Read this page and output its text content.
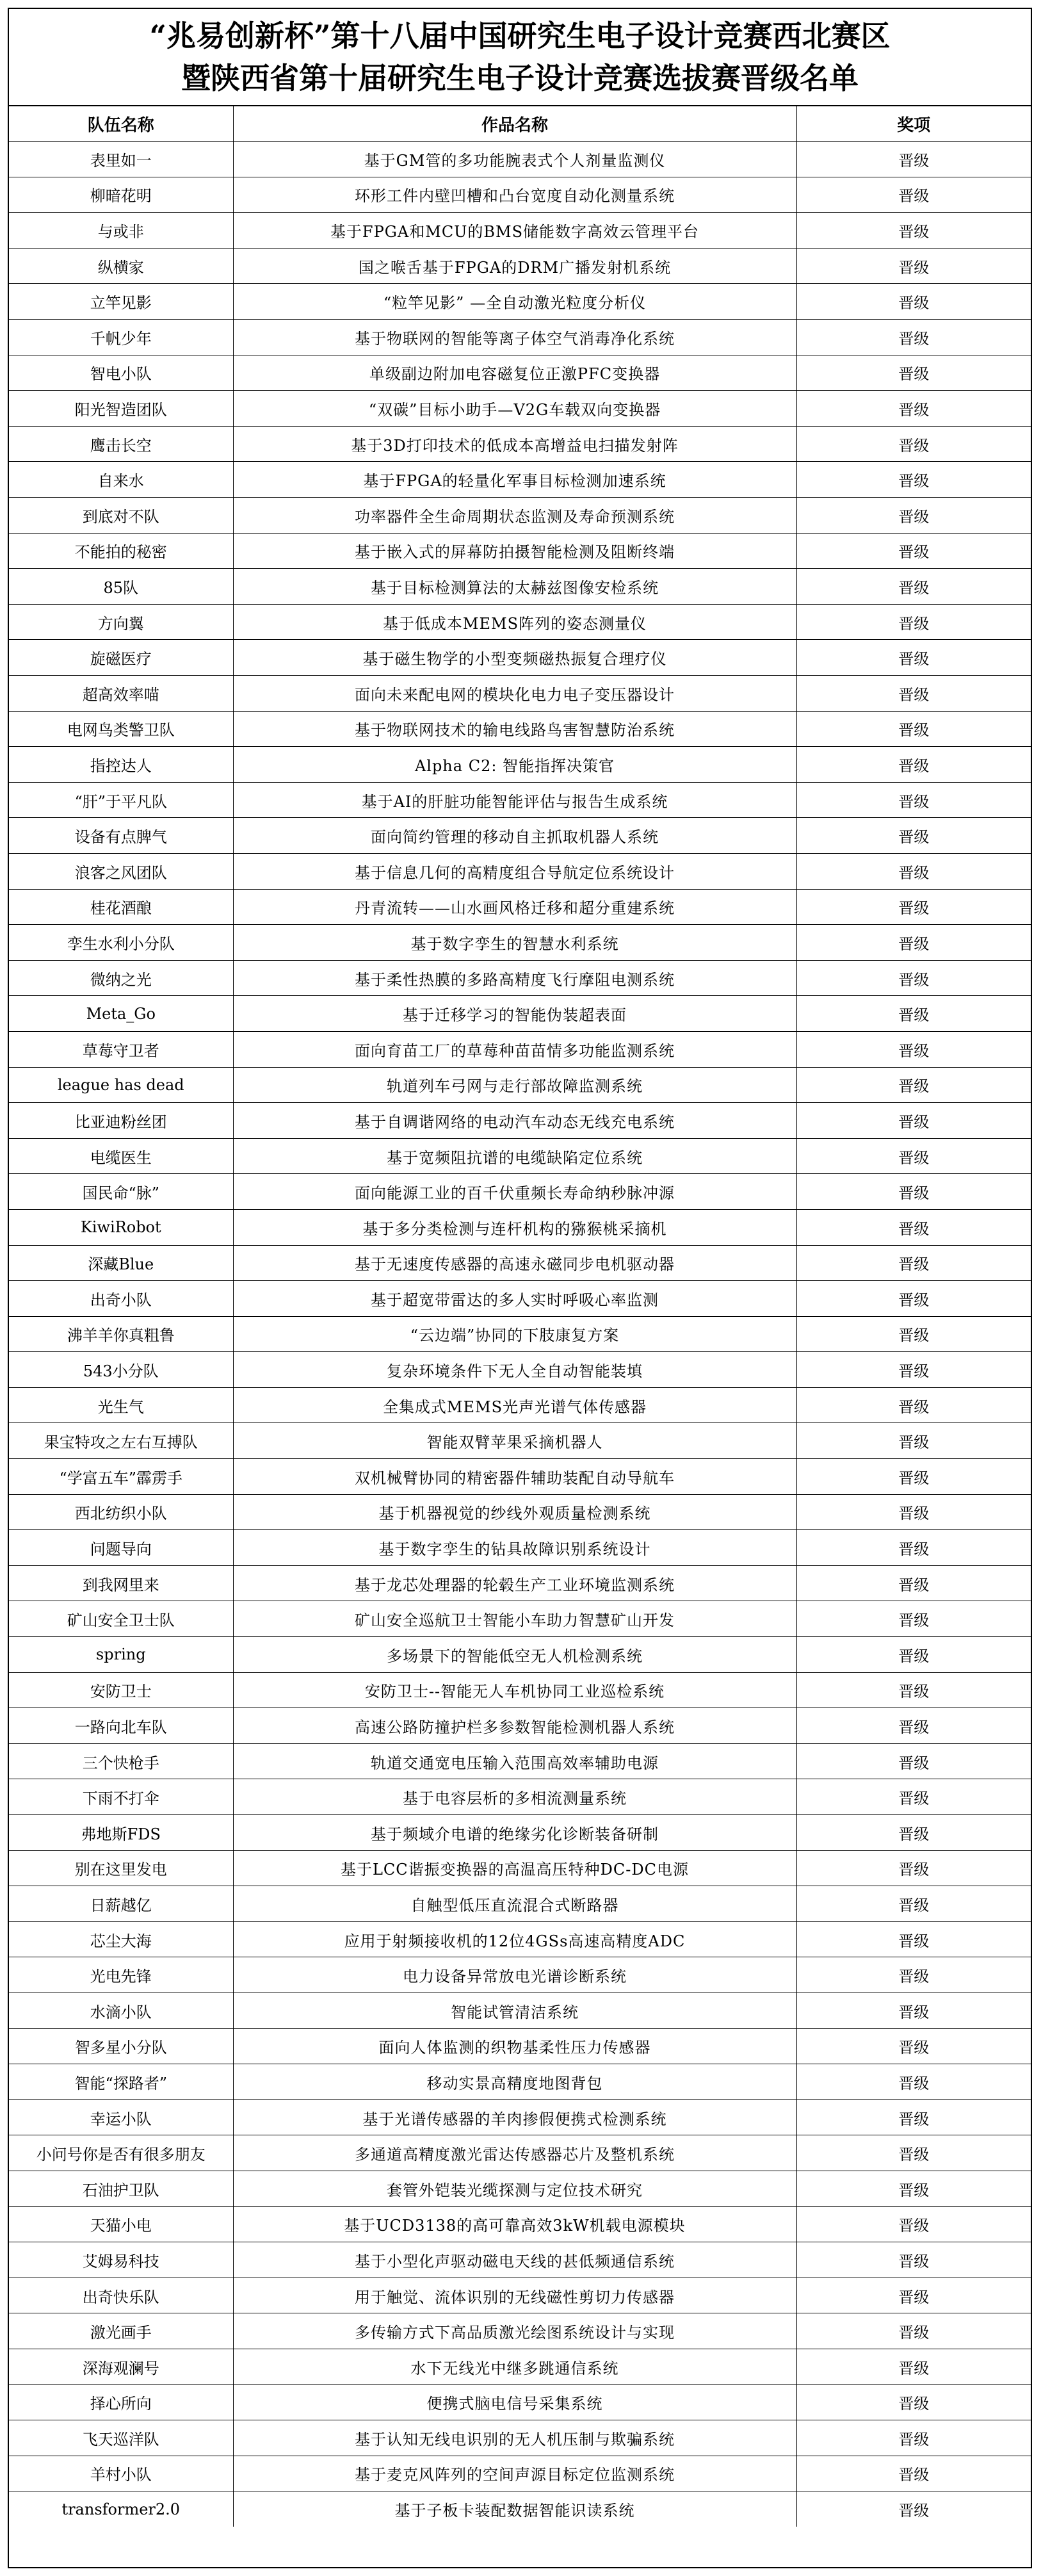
“兆易创新杯”第十八届中国研究生电子设计竞赛西北赛区
暨陕西省第十届研究生电子设计竞赛选拔赛晋级名单
队伍名称	作品名称	奖项
表里如一	基于GM管的多功能腕表式个人剂量监测仪	晋级
柳暗花明	环形工件内壁凹槽和凸台宽度自动化测量系统	晋级
与或非	基于FPGA和MCU的BMS储能数字高效云管理平台	晋级
纵横家	国之喉舌基于FPGA的DRM广播发射机系统	晋级
立竿见影	“粒竿见影” —全自动激光粒度分析仪	晋级
千帆少年	基于物联网的智能等离子体空气消毒净化系统	晋级
智电小队	单级副边附加电容磁复位正激PFC变换器	晋级
阳光智造团队	“双碳”目标小助手—V2G车载双向变换器	晋级
鹰击长空	基于3D打印技术的低成本高增益电扫描发射阵	晋级
自来水	基于FPGA的轻量化军事目标检测加速系统	晋级
到底对不队	功率器件全生命周期状态监测及寿命预测系统	晋级
不能拍的秘密	基于嵌入式的屏幕防拍摄智能检测及阻断终端	晋级
85队	基于目标检测算法的太赫兹图像安检系统	晋级
方向翼	基于低成本MEMS阵列的姿态测量仪	晋级
旋磁医疗	基于磁生物学的小型变频磁热振复合理疗仪	晋级
超高效率喵	面向未来配电网的模块化电力电子变压器设计	晋级
电网鸟类警卫队	基于物联网技术的输电线路鸟害智慧防治系统	晋级
指控达人	Alpha C2: 智能指挥决策官	晋级
“肝”于平凡队	基于AI的肝脏功能智能评估与报告生成系统	晋级
设备有点脾气	面向简约管理的移动自主抓取机器人系统	晋级
浪客之风团队	基于信息几何的高精度组合导航定位系统设计	晋级
桂花酒酿	丹青流转——山水画风格迁移和超分重建系统	晋级
孪生水利小分队	基于数字孪生的智慧水利系统	晋级
微纳之光	基于柔性热膜的多路高精度飞行摩阻电测系统	晋级
Meta_Go	基于迁移学习的智能伪装超表面	晋级
草莓守卫者	面向育苗工厂的草莓种苗苗情多功能监测系统	晋级
league has dead	轨道列车弓网与走行部故障监测系统	晋级
比亚迪粉丝团	基于自调谐网络的电动汽车动态无线充电系统	晋级
电缆医生	基于宽频阻抗谱的电缆缺陷定位系统	晋级
国民命“脉”	面向能源工业的百千伏重频长寿命纳秒脉冲源	晋级
KiwiRobot	基于多分类检测与连杆机构的猕猴桃采摘机	晋级
深藏Blue	基于无速度传感器的高速永磁同步电机驱动器	晋级
出奇小队	基于超宽带雷达的多人实时呼吸心率监测	晋级
沸羊羊你真粗鲁	“云边端”协同的下肢康复方案	晋级
543小分队	复杂环境条件下无人全自动智能装填	晋级
光生气	全集成式MEMS光声光谱气体传感器	晋级
果宝特攻之左右互搏队	智能双臂苹果采摘机器人	晋级
“学富五车”霹雳手	双机械臂协同的精密器件辅助装配自动导航车	晋级
西北纺织小队	基于机器视觉的纱线外观质量检测系统	晋级
问题导向	基于数字孪生的钻具故障识别系统设计	晋级
到我网里来	基于龙芯处理器的轮毂生产工业环境监测系统	晋级
矿山安全卫士队	矿山安全巡航卫士智能小车助力智慧矿山开发	晋级
spring	多场景下的智能低空无人机检测系统	晋级
安防卫士	安防卫士--智能无人车机协同工业巡检系统	晋级
一路向北车队	高速公路防撞护栏多参数智能检测机器人系统	晋级
三个快枪手	轨道交通宽电压输入范围高效率辅助电源	晋级
下雨不打伞	基于电容层析的多相流测量系统	晋级
弗地斯FDS	基于频域介电谱的绝缘劣化诊断装备研制	晋级
别在这里发电	基于LCC谐振变换器的高温高压特种DC-DC电源	晋级
日薪越亿	自触型低压直流混合式断路器	晋级
芯尘大海	应用于射频接收机的12位4GSs高速高精度ADC	晋级
光电先锋	电力设备异常放电光谱诊断系统	晋级
水滴小队	智能试管清洁系统	晋级
智多星小分队	面向人体监测的织物基柔性压力传感器	晋级
智能“探路者”	移动实景高精度地图背包	晋级
幸运小队	基于光谱传感器的羊肉掺假便携式检测系统	晋级
小问号你是否有很多朋友	多通道高精度激光雷达传感器芯片及整机系统	晋级
石油护卫队	套管外铠装光缆探测与定位技术研究	晋级
天猫小电	基于UCD3138的高可靠高效3kW机载电源模块	晋级
艾姆易科技	基于小型化声驱动磁电天线的甚低频通信系统	晋级
出奇快乐队	用于触觉、流体识别的无线磁性剪切力传感器	晋级
激光画手	多传输方式下高品质激光绘图系统设计与实现	晋级
深海观澜号	水下无线光中继多跳通信系统	晋级
择心所向	便携式脑电信号采集系统	晋级
飞天巡洋队	基于认知无线电识别的无人机压制与欺骗系统	晋级
羊村小队	基于麦克风阵列的空间声源目标定位监测系统	晋级
transformer2.0	基于子板卡装配数据智能识读系统	晋级
